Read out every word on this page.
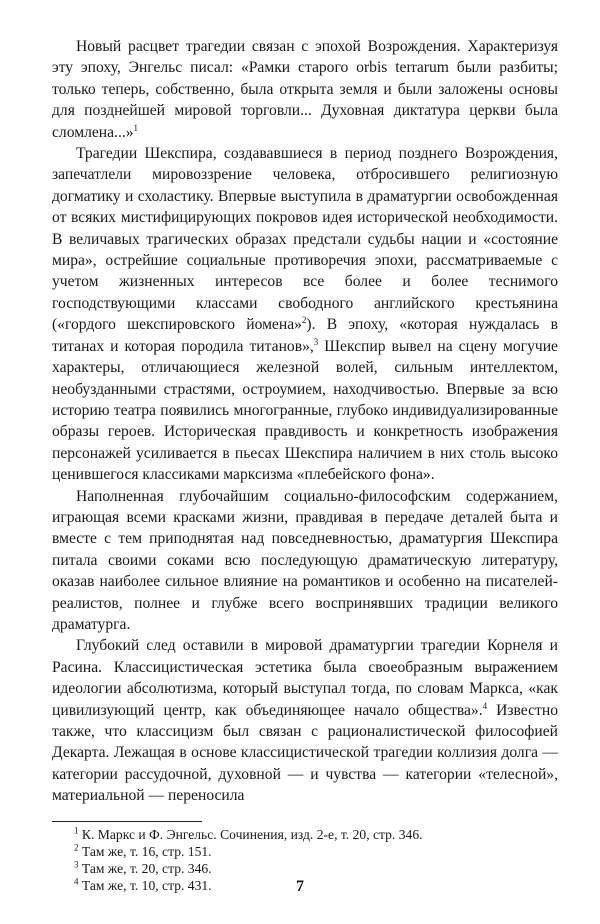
Новый расцвет трагедии связан с эпохой Возрождения. Характеризуя эту эпоху, Энгельс писал: «Рамки старого orbis terrarum были разбиты; только теперь, собственно, была открыта земля и были заложены основы для позднейшей мировой торговли... Духовная диктатура церкви была сломлена...»$^1$

Трагедии Шекспира, создававшиеся в период позднего Возрождения, запечатлели мировоззрение человека, отбросившего религиозную догматику и схоластику. Впервые выступила в драматургии освобожденная от всяких мистифицирующих покровов идея исторической необходимости. В величавых трагических образах предстали судьбы нации и «состояние мира», острейшие социальные противоречия эпохи, рассматриваемые с учетом жизненных интересов все более и более теснимого господствующими классами свободного английского крестьянина («гордого шекспировского йомена»$^2$). В эпоху, «которая нуждалась в титанах и которая породила титанов»,$^3$ Шекспир вывел на сцену могучие характеры, отличающиеся железной волей, сильным интеллектом, необузданными страстями, остроумием, находчивостью. Впервые за всю историю театра появились многогранные, глубоко индивидуализированные образы героев. Историческая правдивость и конкретность изображения персонажей усиливается в пьесах Шекспира наличием в них столь высоко ценившегося классиками марксизма «плебейского фона».

Наполненная глубочайшим социально-философским содержанием, играющая всеми красками жизни, правдивая в передаче деталей быта и вместе с тем приподнятая над повседневностью, драматургия Шекспира питала своими соками всю последующую драматическую литературу, оказав наиболее сильное влияние на романтиков и особенно на писателей-реалистов, полнее и глубже всего воспринявших традиции великого драматурга.

Глубокий след оставили в мировой драматургии трагедии Корнеля и Расина. Классицистическая эстетика была своеобразным выражением идеологии абсолютизма, который выступал тогда, по словам Маркса, «как цивилизующий центр, как объединяющее начало общества».$^4$ Известно также, что классицизм был связан с рационалистической философией Декарта. Лежащая в основе классицистической трагедии коллизия долга — категории рассудочной, духовной — и чувства — категории «телесной», материальной — переносила

$^1$ К. Маркс и Ф. Энгельс. Сочинения, изд. 2-е, т. 20, стр. 346.

$^2$ Там же, т. 16, стр. 151.

$^3$ Там же, т. 20, стр. 346.

$^4$ Там же, т. 10, стр. 431.	7
